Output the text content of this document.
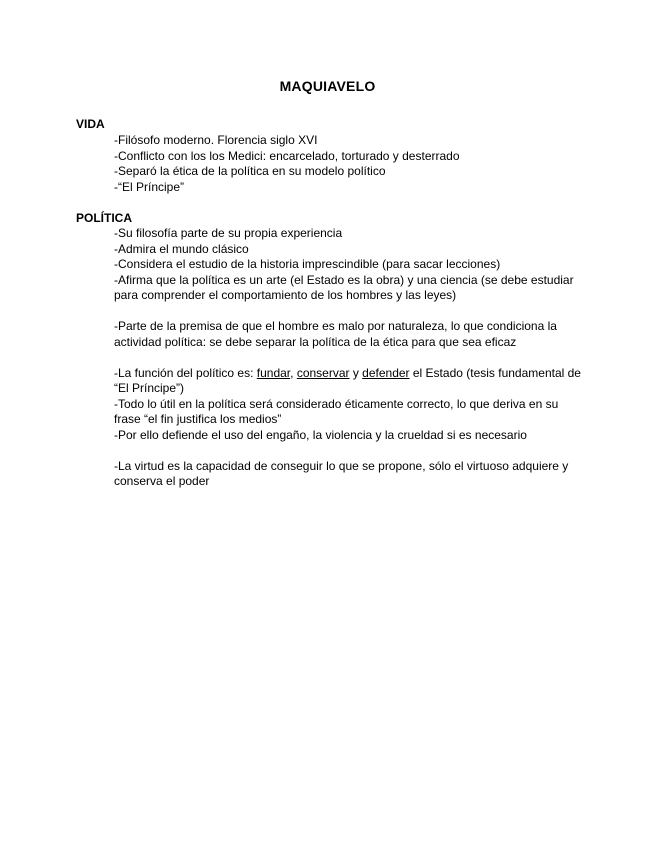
MAQUIAVELO
VIDA
-Filósofo moderno. Florencia siglo XVI
-Conflicto con los los Medici: encarcelado, torturado y desterrado
-Separó la ética de la política en su modelo político
-“El Príncipe”
POLÍTICA
-Su filosofía parte de su propia experiencia
-Admira el mundo clásico
-Considera el estudio de la historia imprescindible (para sacar lecciones)
-Afirma que la política es un arte (el Estado es la obra) y una ciencia (se debe estudiar para comprender el comportamiento de los hombres y las leyes)
-Parte de la premisa de que el hombre es malo por naturaleza, lo que condiciona la actividad política: se debe separar la política de la ética para que sea eficaz
-La función del político es: fundar, conservar y defender el Estado (tesis fundamental de “El Príncipe”)
-Todo lo útil en la política será considerado éticamente correcto, lo que deriva en su frase “el fin justifica los medios”
-Por ello defiende el uso del engaño, la violencia y la crueldad si es necesario
-La virtud es la capacidad de conseguir lo que se propone, sólo el virtuoso adquiere y conserva el poder
